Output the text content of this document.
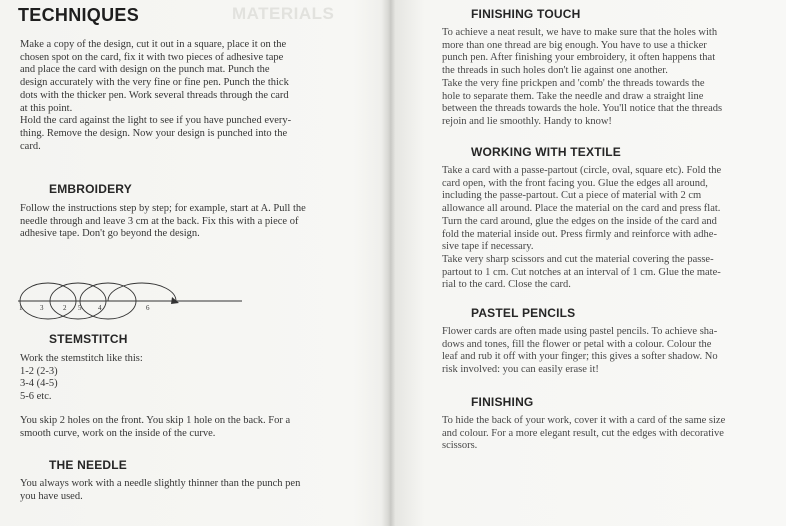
TECHNIQUES

Make a copy of the design, cut it out in a square, place it on the

chosen spot on the card, fix it with two pieces of adhesive tape

and place the card with design on the punch mat. Punch the

design accurately with the very fine or fine pen. Punch the thick

dots with the thicker pen. Work several threads through the card

at this point.

Hold the card against the light to see if you have punched every-

thing. Remove the design. Now your design is punched into the

card.

EMBROIDERY

Follow the instructions step by step; for example, start at A. Pull the

needle through and leave 3 cm at the back. Fix this with a piece of

adhesive tape. Don't go beyond the design.

1	3	2 5 4	6
STEMSTITCH

Work the stemstitch like this:

1-2 (2-3)

3-4 (4-5)

5-6 etc.

You skip 2 holes on the front. You skip 1 hole on the back. For a

smooth curve, work on the inside of the curve.

THE NEEDLE

You always work with a needle slightly thinner than the punch pen

you have used.

MATERIALS	FINISHING TOUCH

To achieve a neat result, we have to make sure that the holes with

more than one thread are big enough. You have to use a thicker

punch pen. After finishing your embroidery, it often happens that

the threads in such holes don't lie against one another.

Take the very fine prickpen and 'comb' the threads towards the

hole to separate them. Take the needle and draw a straight line

between the threads towards the hole. You'll notice that the threads

rejoin and lie smoothly. Handy to know!

WORKING WITH TEXTILE

Take a card with a passe-partout (circle, oval, square etc). Fold the

card open, with the front facing you. Glue the edges all around,

including the passe-partout. Cut a piece of material with 2 cm

allowance all around. Place the material on the card and press flat.

Turn the card around, glue the edges on the inside of the card and

fold the material inside out. Press firmly and reinforce with adhe-

sive tape if necessary.

Take very sharp scissors and cut the material covering the passe-

partout to 1 cm. Cut notches at an interval of 1 cm. Glue the mate-

rial to the card. Close the card.

PASTEL PENCILS

Flower cards are often made using pastel pencils. To achieve sha-

dows and tones, fill the flower or petal with a colour. Colour the

leaf and rub it off with your finger; this gives a softer shadow. No

risk involved: you can easily erase it!

FINISHING

To hide the back of your work, cover it with a card of the same size

and colour. For a more elegant result, cut the edges with decorative

scissors.
